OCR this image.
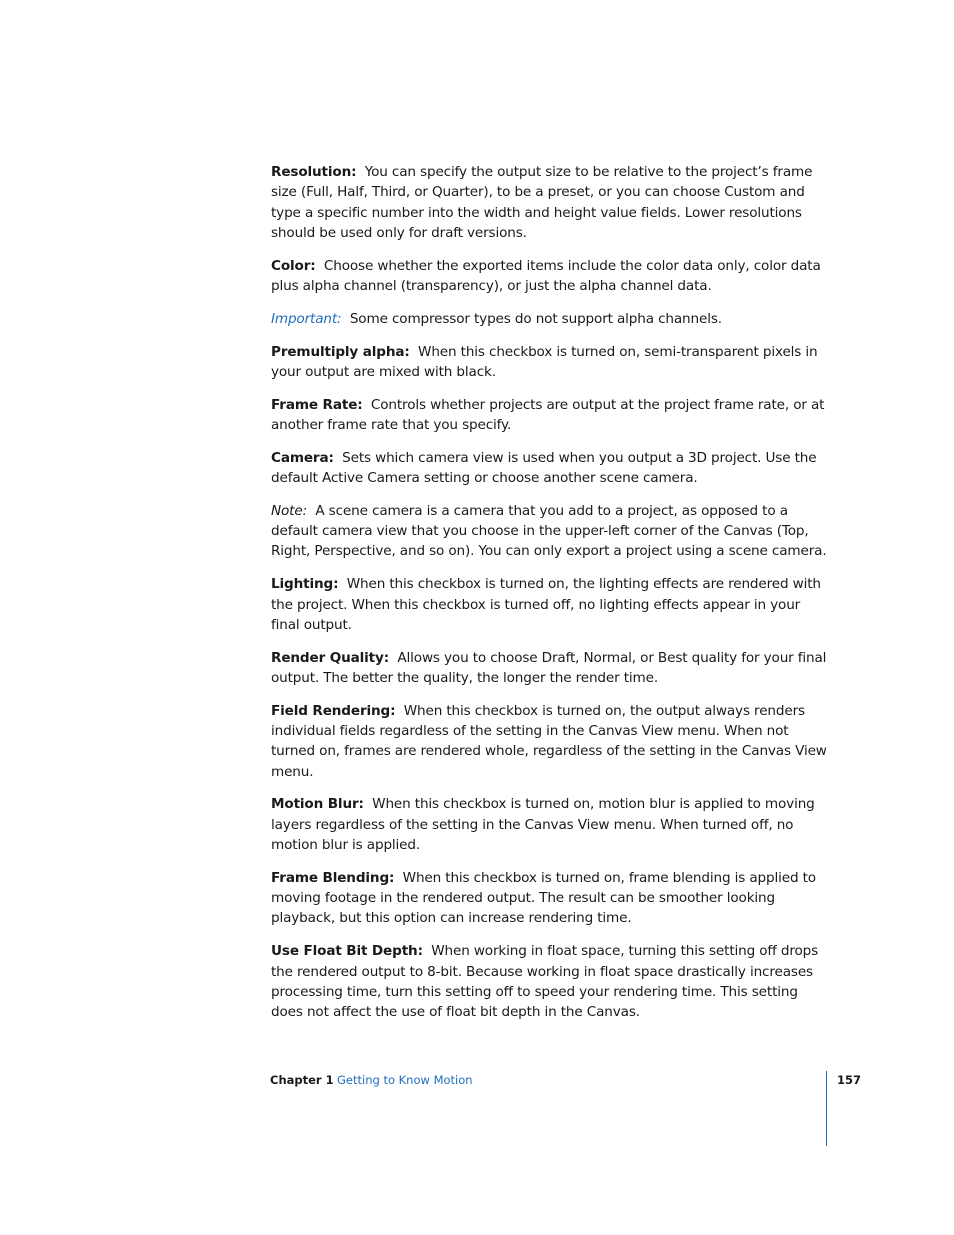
Resolution: You can specify the output size to be relative to the project’s frame size (Full, Half, Third, or Quarter), to be a preset, or you can choose Custom and type a specific number into the width and height value fields. Lower resolutions should be used only for draft versions.

Color: Choose whether the exported items include the color data only, color data plus alpha channel (transparency), or just the alpha channel data.

Important: Some compressor types do not support alpha channels.

Premultiply alpha: When this checkbox is turned on, semi-transparent pixels in your output are mixed with black.

Frame Rate: Controls whether projects are output at the project frame rate, or at another frame rate that you specify.

Camera: Sets which camera view is used when you output a 3D project. Use the default Active Camera setting or choose another scene camera.

Note: A scene camera is a camera that you add to a project, as opposed to a default camera view that you choose in the upper-left corner of the Canvas (Top, Right, Perspective, and so on). You can only export a project using a scene camera.

Lighting: When this checkbox is turned on, the lighting effects are rendered with the project. When this checkbox is turned off, no lighting effects appear in your final output.

Render Quality: Allows you to choose Draft, Normal, or Best quality for your final output. The better the quality, the longer the render time.

Field Rendering: When this checkbox is turned on, the output always renders individual fields regardless of the setting in the Canvas View menu. When not turned on, frames are rendered whole, regardless of the setting in the Canvas View menu.

Motion Blur: When this checkbox is turned on, motion blur is applied to moving layers regardless of the setting in the Canvas View menu. When turned off, no motion blur is applied.

Frame Blending: When this checkbox is turned on, frame blending is applied to moving footage in the rendered output. The result can be smoother looking playback, but this option can increase rendering time.

Use Float Bit Depth: When working in float space, turning this setting off drops the rendered output to 8-bit. Because working in float space drastically increases processing time, turn this setting off to speed your rendering time. This setting does not affect the use of float bit depth in the Canvas.

Chapter 1 Getting to Know Motion	157
